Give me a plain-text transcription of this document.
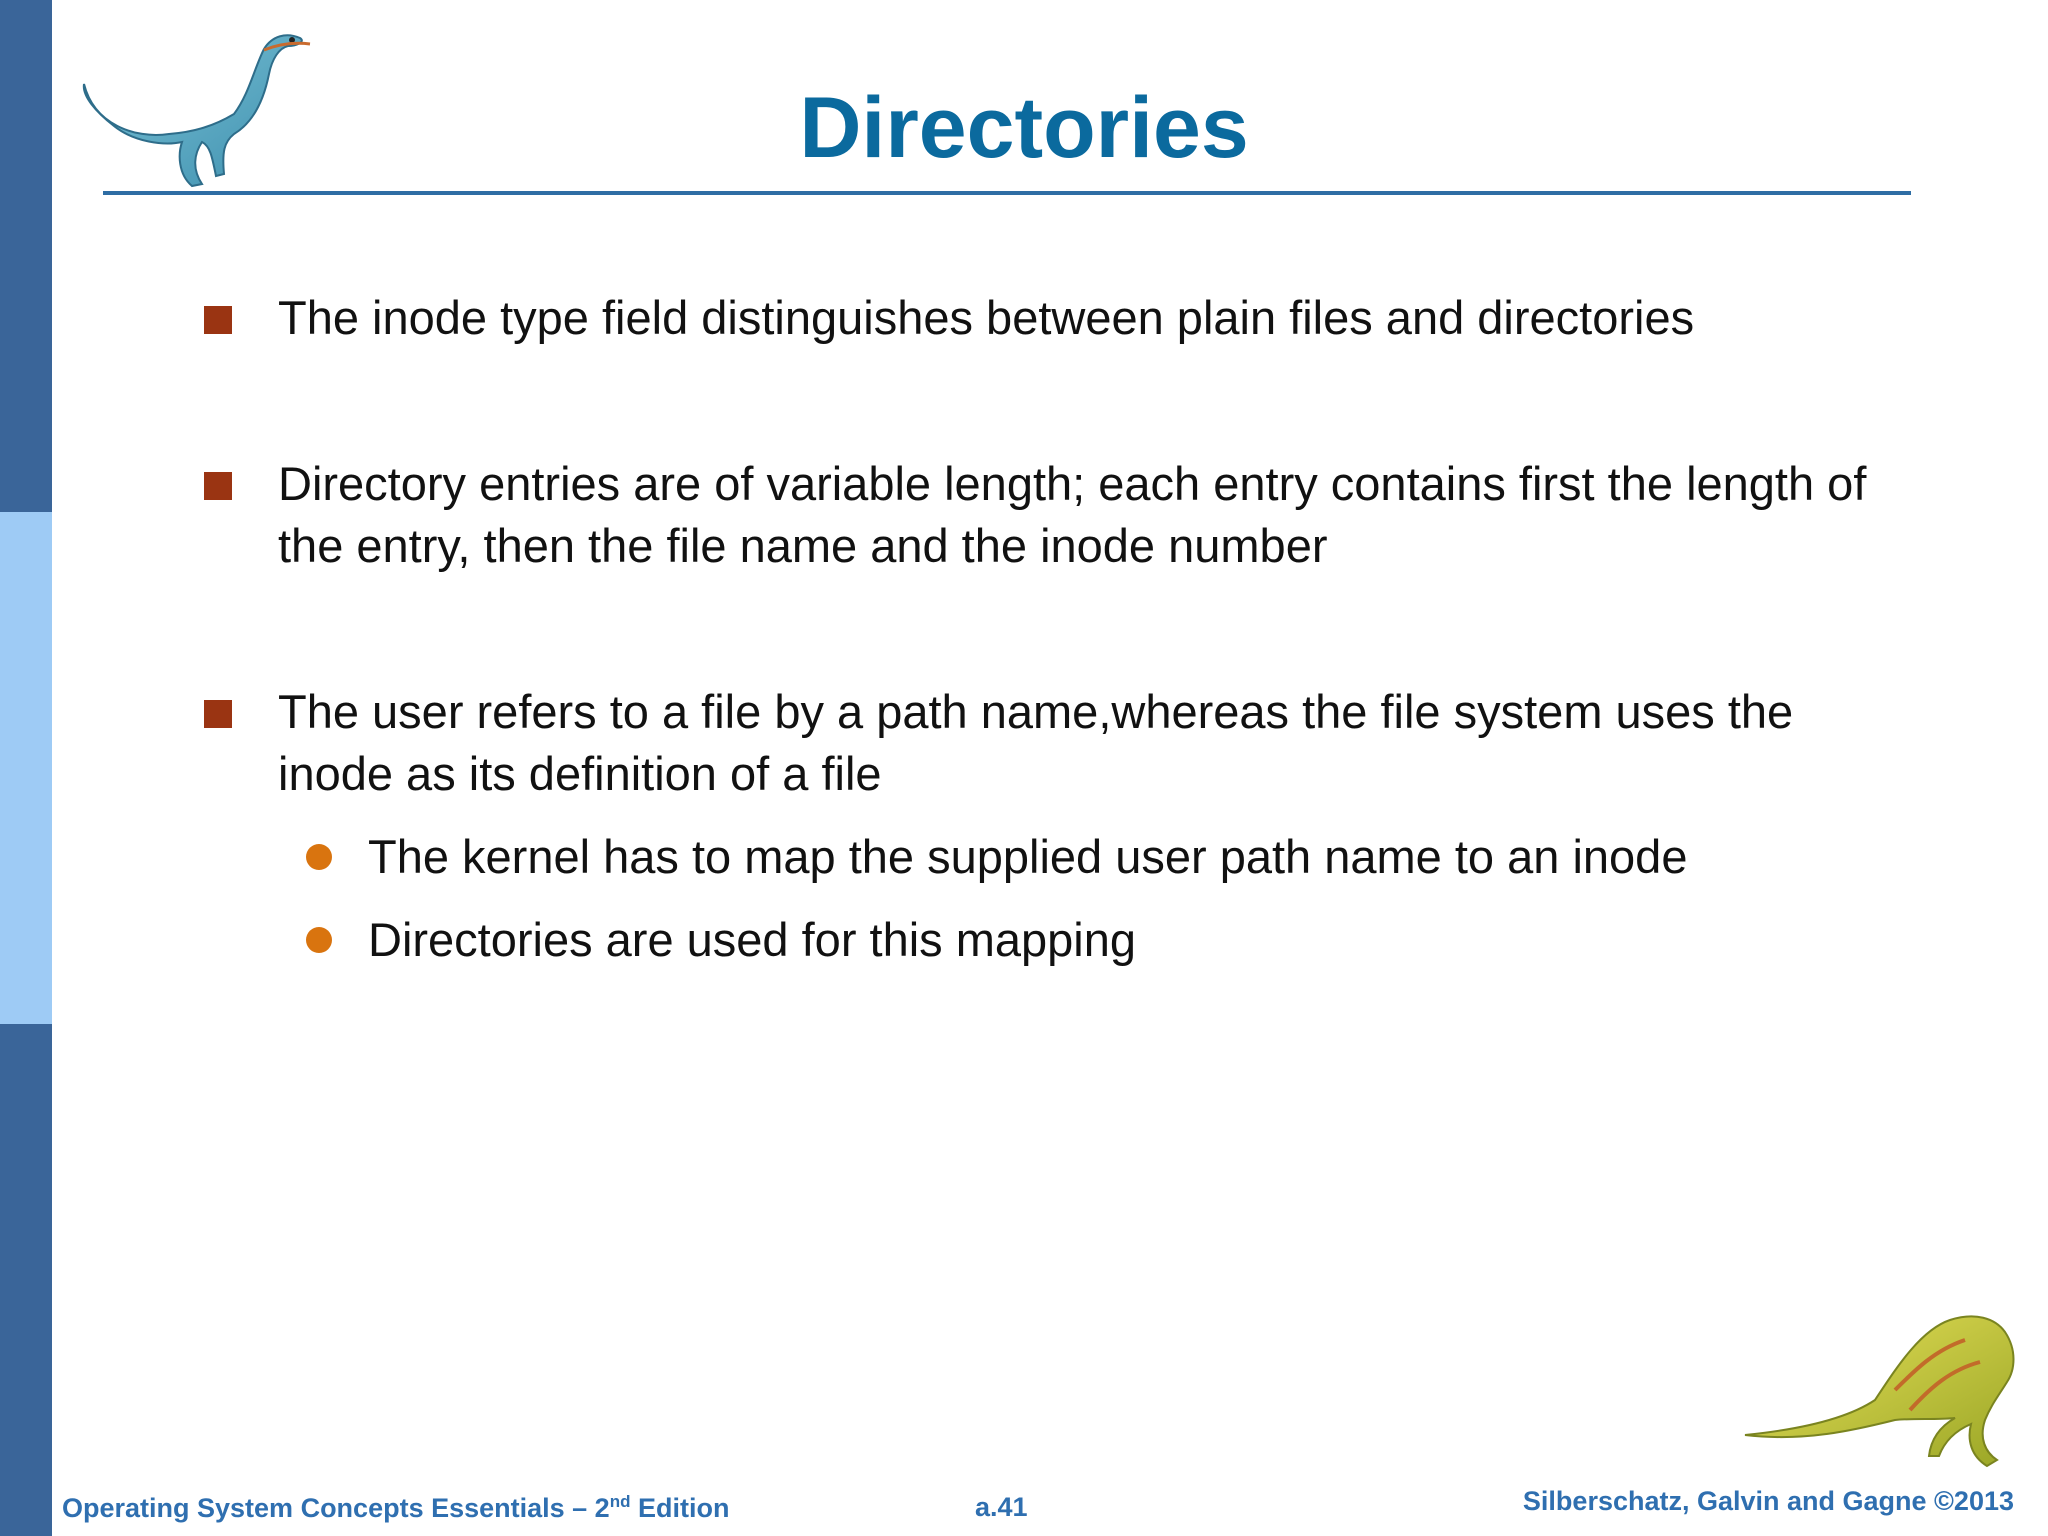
Directories
The inode type field distinguishes between plain files and directories
Directory entries are of variable length; each entry contains first the length of the entry, then the file name and the inode number
The user refers to a file by a path name,whereas the file system uses the inode as its definition of a file
The kernel has to map the supplied user path name to an inode
Directories are used for this mapping
Operating System Concepts Essentials – 2nd Edition	a.41	Silberschatz, Galvin and Gagne ©2013
